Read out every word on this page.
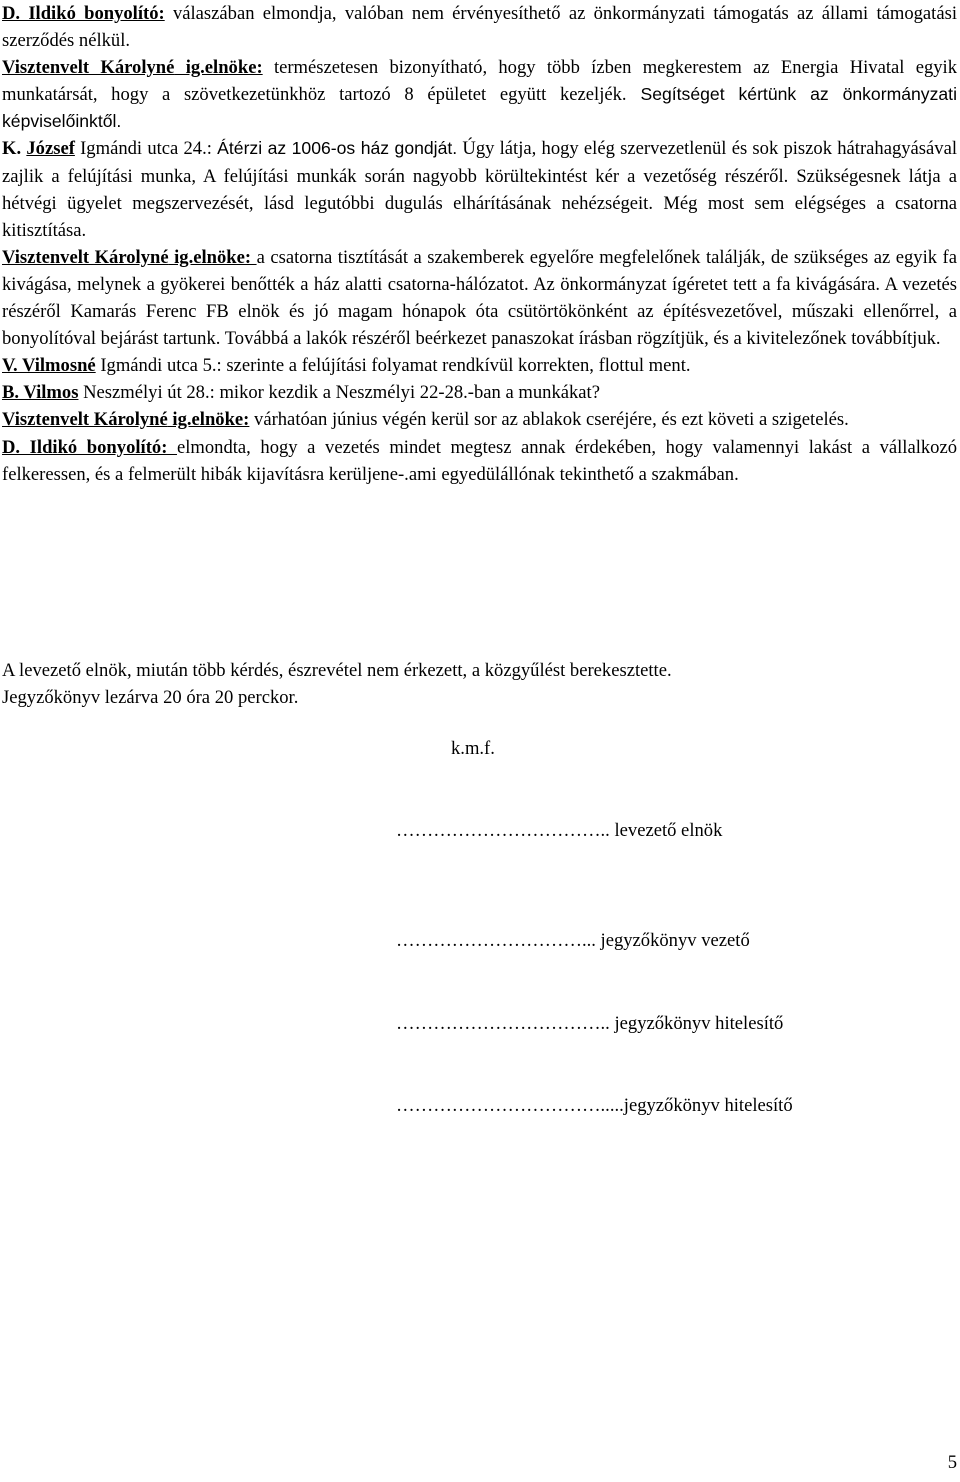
D. Ildikó bonyolító: válaszában elmondja, valóban nem érvényesíthető az önkormányzati támogatás az állami támogatási szerződés nélkül.

Visztenvelt Károlyné ig.elnöke: természetesen bizonyítható, hogy több ízben megkerestem az Energia Hivatal egyik munkatársát, hogy a szövetkezetünkhöz tartozó 8 épületet együtt kezeljék. Segítséget kértünk az önkormányzati képviselőinktől.

K. József Igmándi utca 24.: Átérzi az 1006-os ház gondját. Úgy látja, hogy elég szervezetlenül és sok piszok hátrahagyásával zajlik a felújítási munka, A felújítási munkák során nagyobb körültekintést kér a vezetőség részéről. Szükségesnek látja a hétvégi ügyelet megszervezését, lásd legutóbbi dugulás elhárításának nehézségeit. Még most sem elégséges a csatorna kitisztítása.

Visztenvelt Károlyné ig.elnöke: a csatorna tisztítását a szakemberek egyelőre megfelelőnek találják, de szükséges az egyik fa kivágása, melynek a gyökerei benőtték a ház alatti csatorna-hálózatot. Az önkormányzat ígéretet tett a fa kivágására. A vezetés részéről Kamarás Ferenc FB elnök és jó magam hónapok óta csütörtökönként az építésvezetővel, műszaki ellenőrrel, a bonyolítóval bejárást tartunk. Továbbá a lakók részéről beérkezet panaszokat írásban rögzítjük, és a kivitelezőnek továbbítjuk.

V. Vilmosné Igmándi utca 5.: szerinte a felújítási folyamat rendkívül korrekten, flottul ment.

B. Vilmos Neszmélyi út 28.: mikor kezdik a Neszmélyi 22-28.-ban a munkákat?

Visztenvelt Károlyné ig.elnöke: várhatóan június végén kerül sor az ablakok cseréjére, és ezt követi a szigetelés.

D. Ildikó bonyolító: elmondta, hogy a vezetés mindet megtesz annak érdekében, hogy valamennyi lakást a vállalkozó felkeressen, és a felmerült hibák kijavításra kerüljene-.ami egyedülállónak tekinthető a szakmában.

A levezető elnök, miután több kérdés, észrevétel nem érkezett, a közgyűlést berekesztette.

Jegyzőkönyv lezárva 20 óra 20 perckor.

k.m.f.
…………………………….. levezető elnök
…………………………... jegyzőkönyv vezető
…………………………….. jegyzőkönyv hitelesítő
…………………………….....jegyzőkönyv hitelesítő
5
